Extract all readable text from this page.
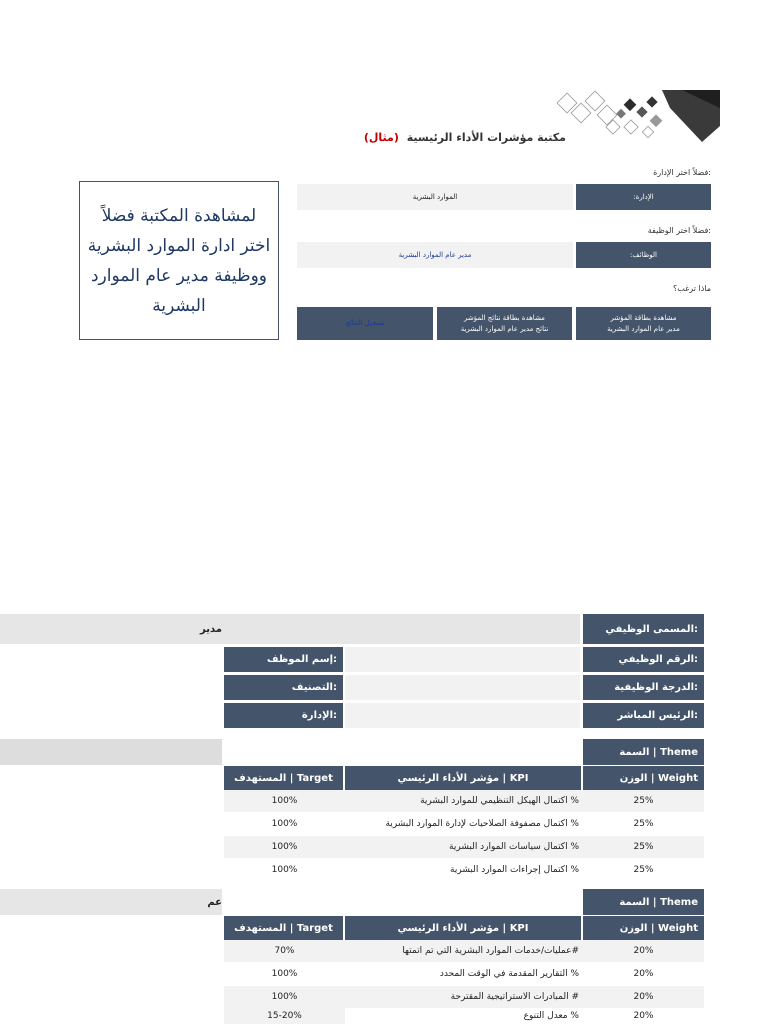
مكتبة مؤشرات الأداء الرئيسية (مثال)
:فضلاً اختر الإدارة
:الإدارة
الموارد البشرية
:فضلاً اختر الوظيفة
:الوظائف
مدير عام الموارد البشرية
ماذا ترغب؟
مشاهدة بطاقة المؤشر
مدير عام الموارد البشرية
مشاهدة بطاقة نتائج المؤشر
نتائج مدير عام الموارد البشرية
تسجيل النتائج
لمشاهدة المكتبة فضلاً اختر ادارة الموارد البشرية ووظيفة مدير عام الموارد البشرية
مدير	:المسمى الوظيفي
:الرقم الوظيفي
:إسم الموظف
:الدرجة الوظيفية
:التصنيف
:الرئيس المباشر
:الإدارة
Theme | السمة
Weight | الوزن
KPI | مؤشر الأداء الرئيسي
Target | المستهدف
25%
% اكتمال الهيكل التنظيمي للموارد البشرية
100%
25%
% اكتمال مصفوفة الصلاحيات لإدارة الموارد البشرية
100%
25%
% اكتمال سياسات الموارد البشرية
100%
25%
% اكتمال إجراءات الموارد البشرية
100%
عم	Theme | السمة
Weight | الوزن
KPI | مؤشر الأداء الرئيسي
Target | المستهدف
20%
#عمليات/خدمات الموارد البشرية التي تم اتمتها
70%
20%
% التقارير المقدمة في الوقت المحدد
100%
20%
# المبادرات الاستراتيجية المقترحة
100%
20%
% معدل التنوع
15-20%
